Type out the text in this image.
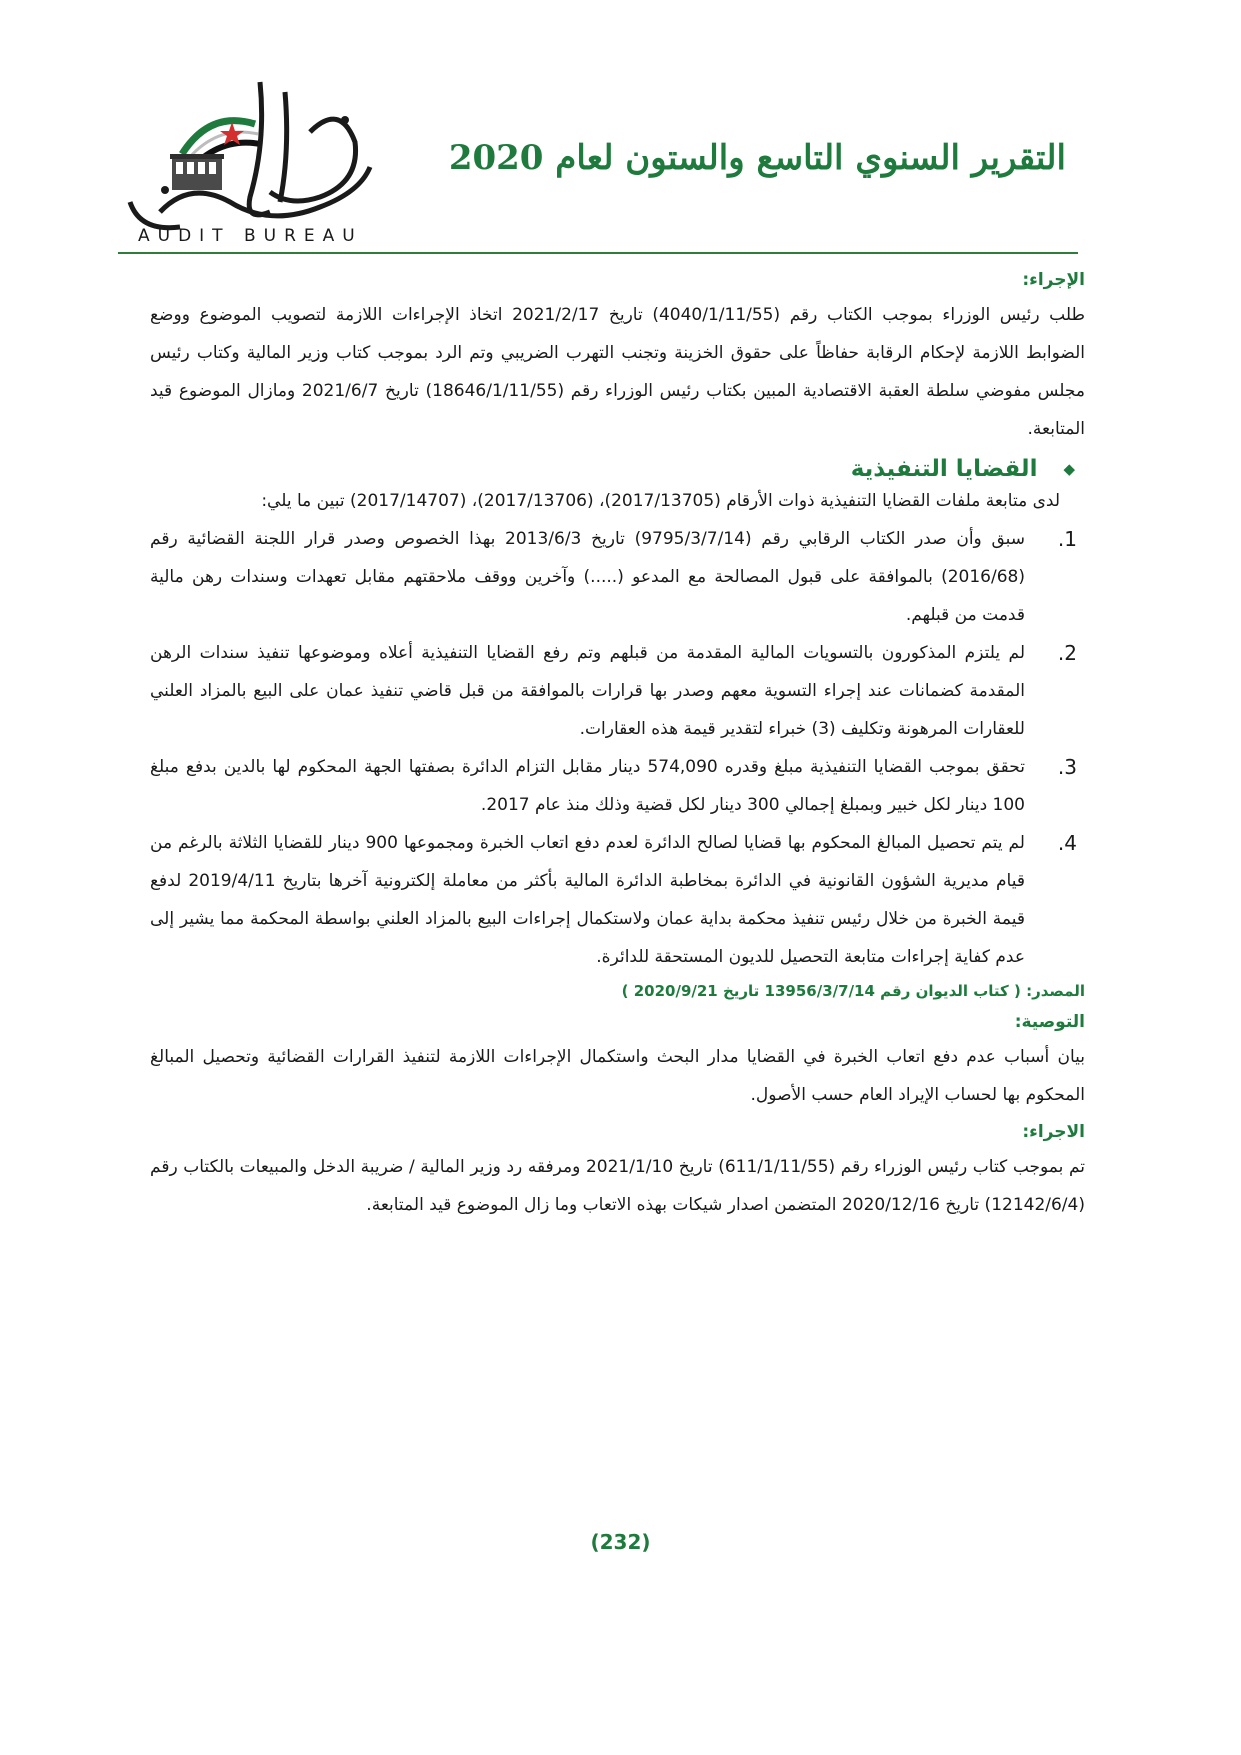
التقرير السنوي التاسع والستون لعام 2020
AUDIT BUREAU
الإجراء:

طلب رئيس الوزراء بموجب الكتاب رقم (4040/1/11/55) تاريخ 2021/2/17 اتخاذ الإجراءات اللازمة لتصويب الموضوع ووضع الضوابط اللازمة لإحكام الرقابة حفاظاً على حقوق الخزينة وتجنب التهرب الضريبي وتم الرد بموجب كتاب وزير المالية وكتاب رئيس مجلس مفوضي سلطة العقبة الاقتصادية المبين بكتاب رئيس الوزراء رقم (18646/1/11/55) تاريخ 2021/6/7 ومازال الموضوع قيد المتابعة.

◆
القضايا التنفيذية

لدى متابعة ملفات القضايا التنفيذية ذوات الأرقام (2017/13705)، (2017/13706)، (2017/14707) تبين ما يلي:

1.
سبق وأن صدر الكتاب الرقابي رقم (9795/3/7/14) تاريخ 2013/6/3 بهذا الخصوص وصدر قرار اللجنة القضائية رقم (2016/68) بالموافقة على قبول المصالحة مع المدعو (.....) وآخرين ووقف ملاحقتهم مقابل تعهدات وسندات رهن مالية قدمت من قبلهم.
2.
لم يلتزم المذكورون بالتسويات المالية المقدمة من قبلهم وتم رفع القضايا التنفيذية أعلاه وموضوعها تنفيذ سندات الرهن المقدمة كضمانات عند إجراء التسوية معهم وصدر بها قرارات بالموافقة من قبل قاضي تنفيذ عمان على البيع بالمزاد العلني للعقارات المرهونة وتكليف (3) خبراء لتقدير قيمة هذه العقارات.
3.
تحقق بموجب القضايا التنفيذية مبلغ وقدره 574,090 دينار مقابل التزام الدائرة بصفتها الجهة المحكوم لها بالدين بدفع مبلغ 100 دينار لكل خبير وبمبلغ إجمالي 300 دينار لكل قضية وذلك منذ عام 2017.
4.
لم يتم تحصيل المبالغ المحكوم بها قضايا لصالح الدائرة لعدم دفع اتعاب الخبرة ومجموعها 900 دينار للقضايا الثلاثة بالرغم من قيام مديرية الشؤون القانونية في الدائرة بمخاطبة الدائرة المالية بأكثر من معاملة إلكترونية آخرها بتاريخ 2019/4/11 لدفع قيمة الخبرة من خلال رئيس تنفيذ محكمة بداية عمان ولاستكمال إجراءات البيع بالمزاد العلني بواسطة المحكمة مما يشير إلى عدم كفاية إجراءات متابعة التحصيل للديون المستحقة للدائرة.
المصدر: ( كتاب الديوان رقم 13956/3/7/14 تاريخ 2020/9/21 )
التوصية:

بيان أسباب عدم دفع اتعاب الخبرة في القضايا مدار البحث واستكمال الإجراءات اللازمة لتنفيذ القرارات القضائية وتحصيل المبالغ المحكوم بها لحساب الإيراد العام حسب الأصول.

الاجراء:

تم بموجب كتاب رئيس الوزراء رقم (611/1/11/55) تاريخ 2021/1/10 ومرفقه رد وزير المالية / ضريبة الدخل والمبيعات بالكتاب رقم (12142/6/4) تاريخ 2020/12/16 المتضمن اصدار شيكات بهذه الاتعاب وما زال الموضوع قيد المتابعة.

(232)
